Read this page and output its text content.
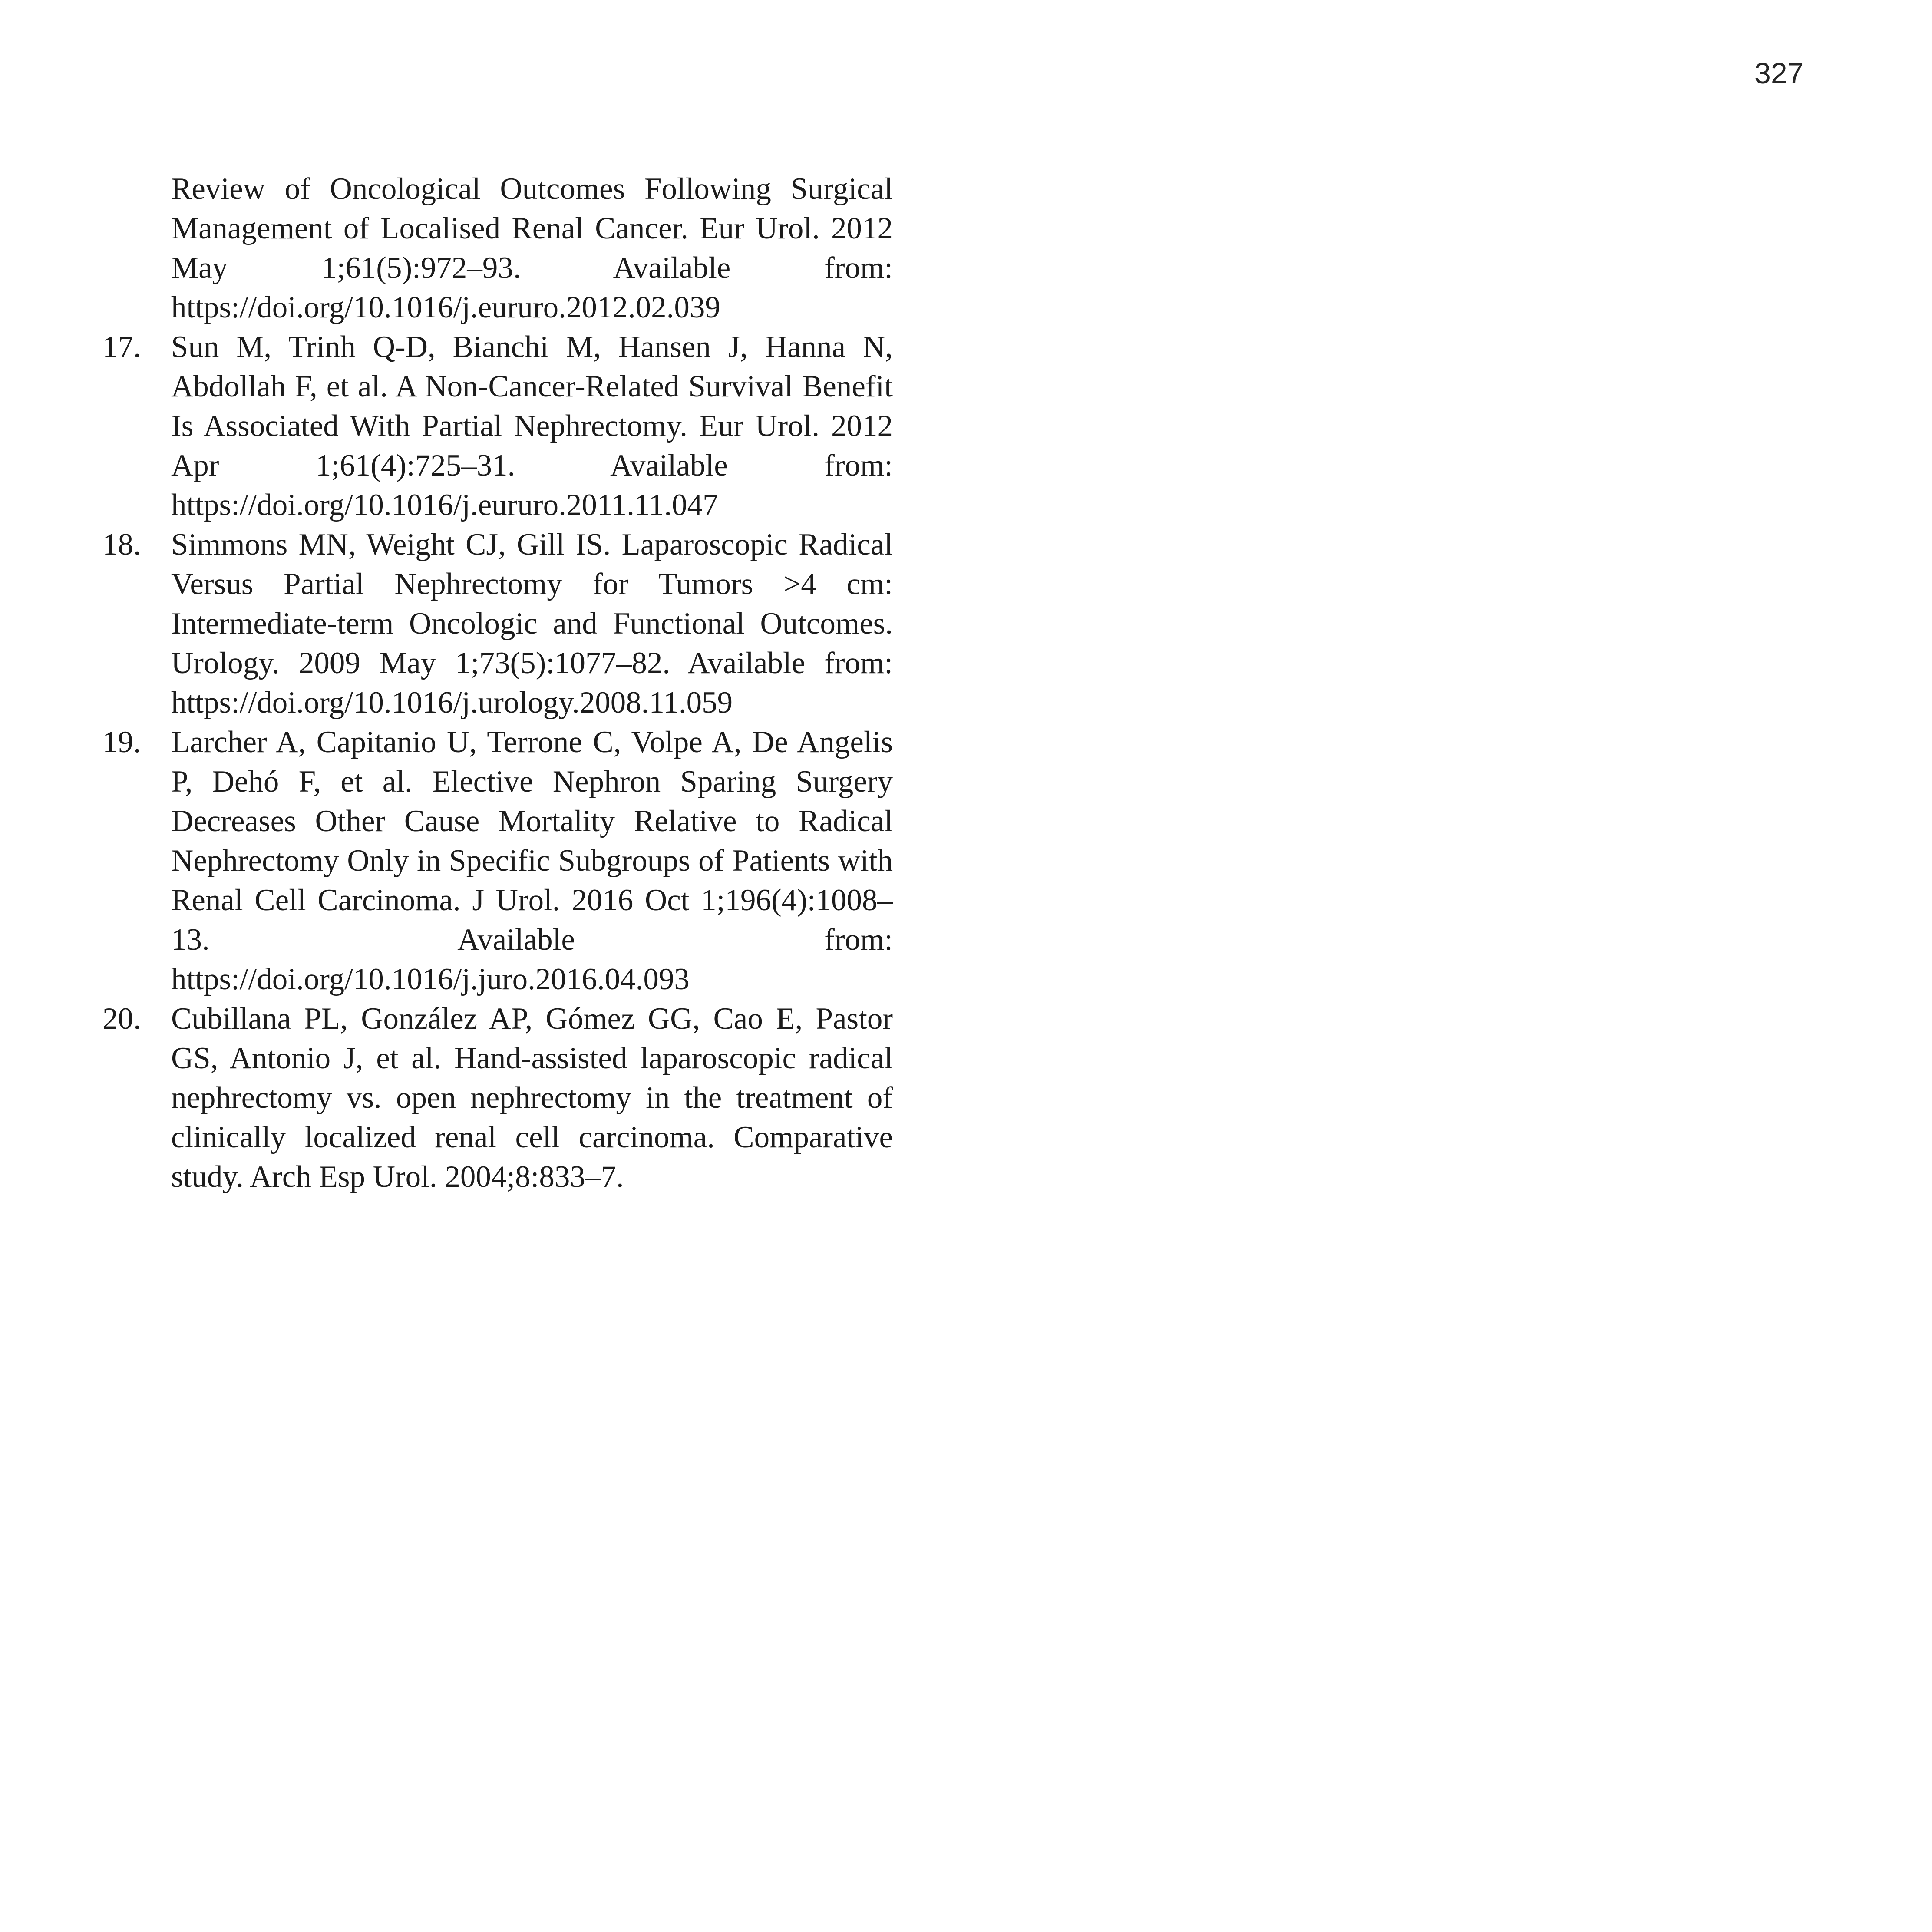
327
Review of Oncological Outcomes Following Surgical Management of Localised Renal Cancer. Eur Urol. 2012 May 1;61(5):972–93. Available from: https://doi.org/10.1016/j.eururo.2012.02.039
17. Sun M, Trinh Q-D, Bianchi M, Hansen J, Hanna N, Abdollah F, et al. A Non-Cancer-Related Survival Benefit Is Associated With Partial Nephrectomy. Eur Urol. 2012 Apr 1;61(4):725–31. Available from: https://doi.org/10.1016/j.eururo.2011.11.047
18. Simmons MN, Weight CJ, Gill IS. Laparoscopic Radical Versus Partial Nephrectomy for Tumors >4 cm: Intermediate-term Oncologic and Functional Outcomes. Urology. 2009 May 1;73(5):1077–82. Available from: https://doi.org/10.1016/j.urology.2008.11.059
19. Larcher A, Capitanio U, Terrone C, Volpe A, De Angelis P, Dehó F, et al. Elective Nephron Sparing Surgery Decreases Other Cause Mortality Relative to Radical Nephrectomy Only in Specific Subgroups of Patients with Renal Cell Carcinoma. J Urol. 2016 Oct 1;196(4):1008–13. Available from: https://doi.org/10.1016/j.juro.2016.04.093
20. Cubillana PL, González AP, Gómez GG, Cao E, Pastor GS, Antonio J, et al. Hand-assisted laparoscopic radical nephrectomy vs. open nephrectomy in the treatment of clinically localized renal cell carcinoma. Comparative study. Arch Esp Urol. 2004;8:833–7.
